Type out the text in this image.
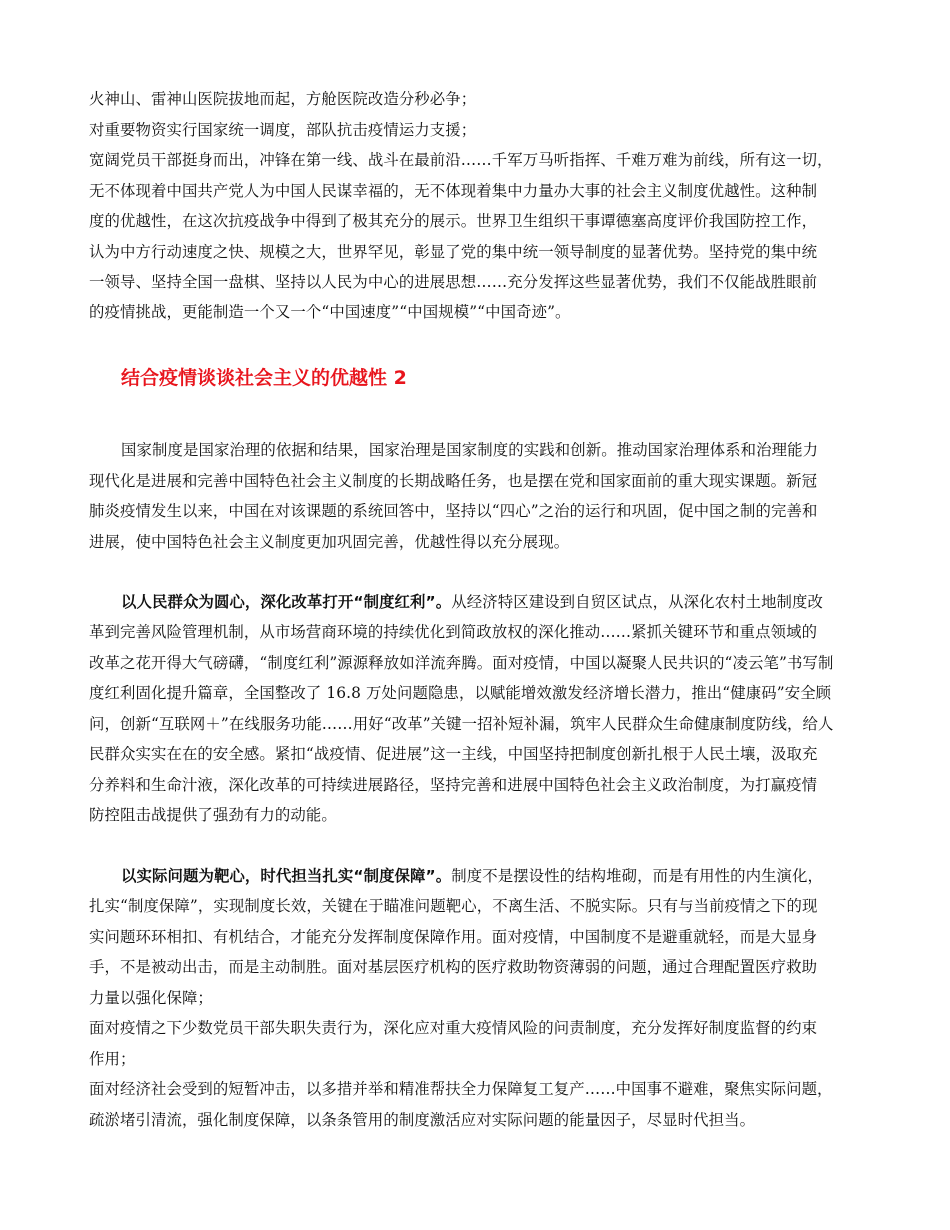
火神山、雷神山医院拔地而起，方舱医院改造分秒必争；
对重要物资实行国家统一调度，部队抗击疫情运力支援；
宽阔党员干部挺身而出，冲锋在第一线、战斗在最前沿……千军万马听指挥、千难万难为前线，所有这一切，
无不体现着中国共产党人为中国人民谋幸福的，无不体现着集中力量办大事的社会主义制度优越性。这种制
度的优越性，在这次抗疫战争中得到了极其充分的展示。世界卫生组织干事谭德塞高度评价我国防控工作，
认为中方行动速度之快、规模之大，世界罕见，彰显了党的集中统一领导制度的显著优势。坚持党的集中统
一领导、坚持全国一盘棋、坚持以人民为中心的进展思想……充分发挥这些显著优势，我们不仅能战胜眼前
的疫情挑战，更能制造一个又一个“中国速度”“中国规模”“中国奇迹”。
结合疫情谈谈社会主义的优越性 2
国家制度是国家治理的依据和结果，国家治理是国家制度的实践和创新。推动国家治理体系和治理能力
现代化是进展和完善中国特色社会主义制度的长期战略任务，也是摆在党和国家面前的重大现实课题。新冠
肺炎疫情发生以来，中国在对该课题的系统回答中，坚持以“四心”之治的运行和巩固，促中国之制的完善和
进展，使中国特色社会主义制度更加巩固完善，优越性得以充分展现。
以人民群众为圆心，深化改革打开“制度红利”。从经济特区建设到自贸区试点，从深化农村土地制度改
革到完善风险管理机制，从市场营商环境的持续优化到简政放权的深化推动……紧抓关键环节和重点领域的
改革之花开得大气磅礴，“制度红利”源源释放如洋流奔腾。面对疫情，中国以凝聚人民共识的“凌云笔”书写制
度红利固化提升篇章，全国整改了 16.8 万处问题隐患，以赋能增效激发经济增长潜力，推出“健康码”安全顾
问，创新“互联网＋”在线服务功能……用好“改革”关键一招补短补漏，筑牢人民群众生命健康制度防线，给人
民群众实实在在的安全感。紧扣“战疫情、促进展”这一主线，中国坚持把制度创新扎根于人民土壤，汲取充
分养料和生命汁液，深化改革的可持续进展路径，坚持完善和进展中国特色社会主义政治制度，为打赢疫情
防控阻击战提供了强劲有力的动能。
以实际问题为靶心，时代担当扎实“制度保障”。制度不是摆设性的结构堆砌，而是有用性的内生演化，
扎实“制度保障”，实现制度长效，关键在于瞄准问题靶心，不离生活、不脱实际。只有与当前疫情之下的现
实问题环环相扣、有机结合，才能充分发挥制度保障作用。面对疫情，中国制度不是避重就轻，而是大显身
手，不是被动出击，而是主动制胜。面对基层医疗机构的医疗救助物资薄弱的问题，通过合理配置医疗救助
力量以强化保障；
面对疫情之下少数党员干部失职失责行为，深化应对重大疫情风险的问责制度，充分发挥好制度监督的约束
作用；
面对经济社会受到的短暂冲击，以多措并举和精准帮扶全力保障复工复产……中国事不避难，聚焦实际问题，
疏淤堵引清流，强化制度保障，以条条管用的制度激活应对实际问题的能量因子，尽显时代担当。
